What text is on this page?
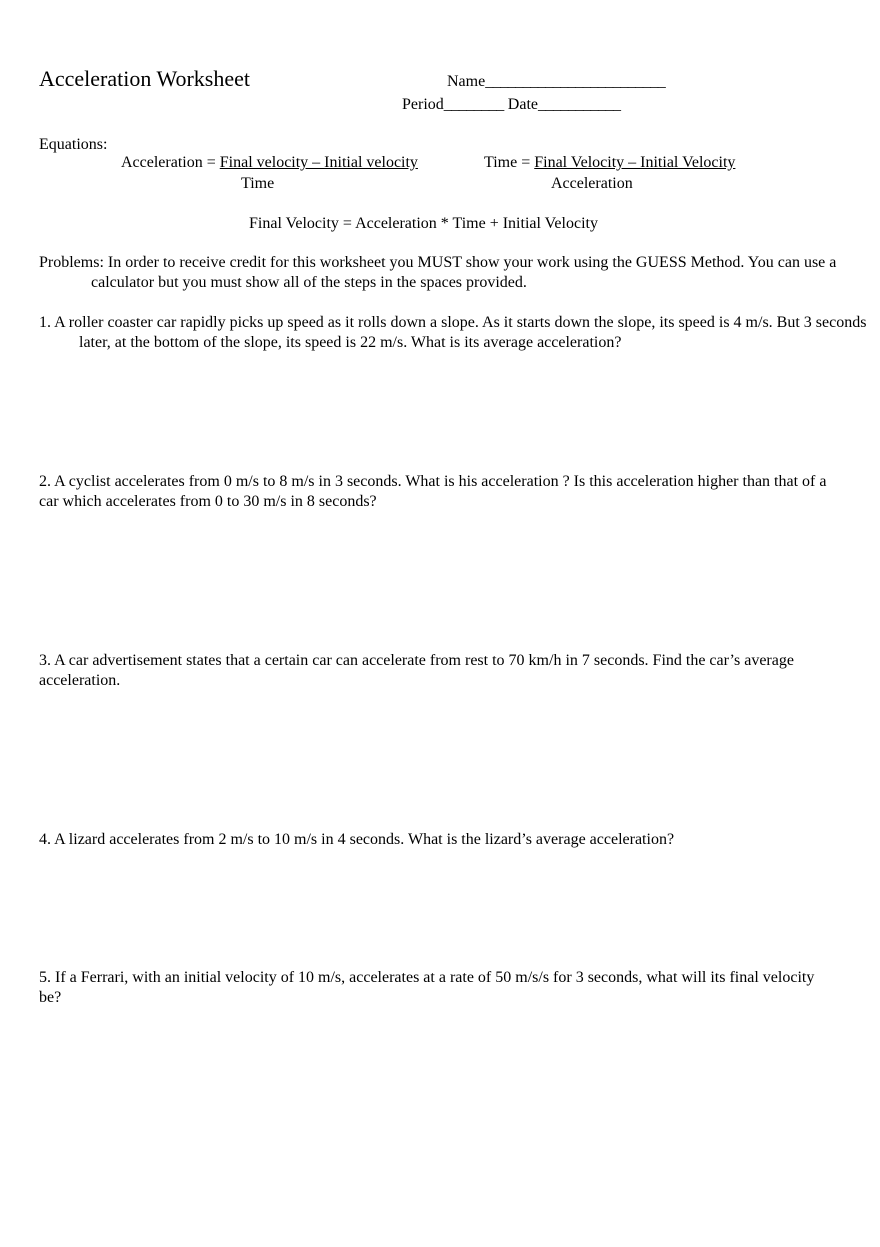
Acceleration Worksheet	Name________________________
Period________ Date___________
Equations:
Acceleration = Final velocity – Initial velocity
Time
Time = Final Velocity – Initial Velocity
Acceleration
Final Velocity = Acceleration * Time + Initial Velocity
Problems: In order to receive credit for this worksheet you MUST show your work using the GUESS Method. You can use a calculator but you must show all of the steps in the spaces provided.
1. A roller coaster car rapidly picks up speed as it rolls down a slope. As it starts down the slope, its speed is 4 m/s. But 3 seconds later, at the bottom of the slope, its speed is 22 m/s. What is its average acceleration?
2. A cyclist accelerates from 0 m/s to 8 m/s in 3 seconds. What is his acceleration ? Is this acceleration higher than that of a car which accelerates from 0 to 30 m/s in 8 seconds?
3. A car advertisement states that a certain car can accelerate from rest to 70 km/h in 7 seconds. Find the car’s average acceleration.
4. A lizard accelerates from 2 m/s to 10 m/s in 4 seconds. What is the lizard’s average acceleration?
5. If a Ferrari, with an initial velocity of 10 m/s, accelerates at a rate of 50 m/s/s for 3 seconds, what will its final velocity be?
